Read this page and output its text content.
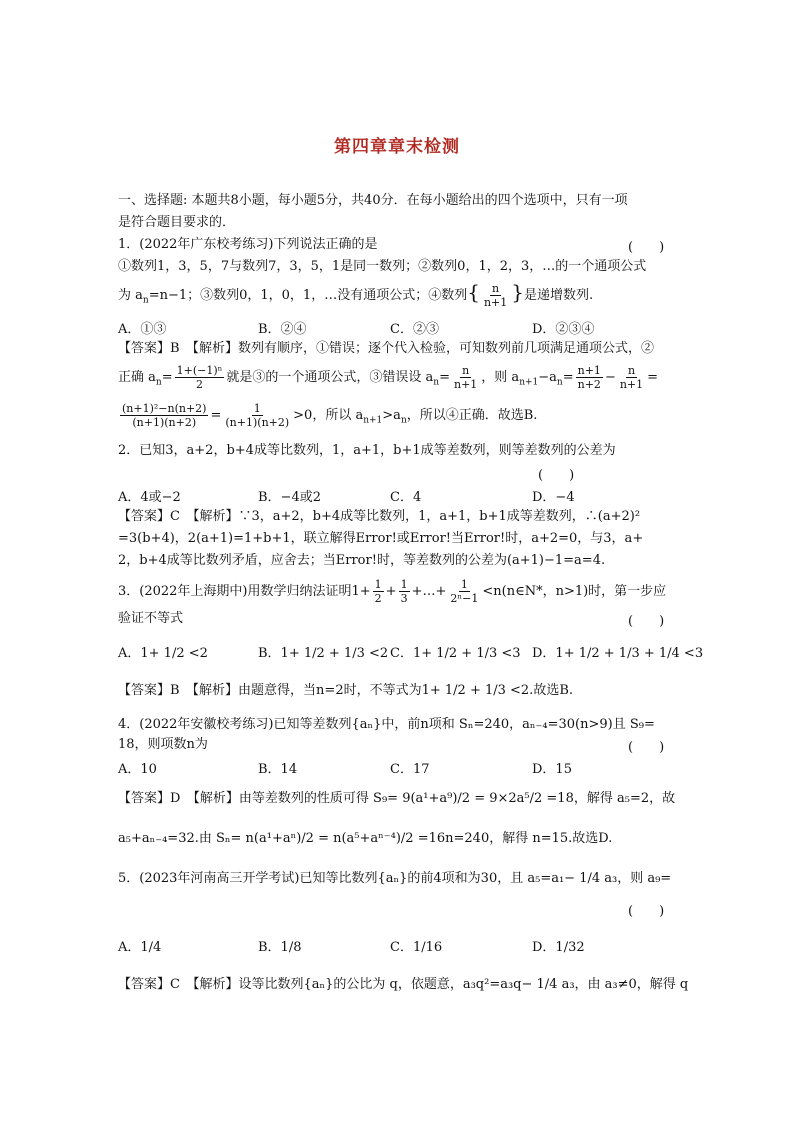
第四章章末检测
一、选择题: 本题共8小题，每小题5分，共40分．在每小题给出的四个选项中，只有一项
是符合题目要求的．
1．(2022年广东校考练习)下列说法正确的是	(　　)
①数列1，3，5，7与数列7，3，5，1是同一数列；②数列0，1，2，3，…的一个通项公式
为 $a_n=n-1$；③数列0，1，0，1，…没有通项公式；④数列{ $\frac{n}{n+1}$ }是递增数列.
A．①③	B．②④	C．②③	D．②③④
【答案】B　【解析】数列有顺序，①错误；逐个代入检验，可知数列前几项满足通项公式，②
正确 $a_n= \frac{\text{1+(−1)ⁿ}}{2}$ 就是③的一个通项公式，③错误设 $a_n= \frac{n}{n+1}$ ，则 $a_{n+1}-a_n= \frac{n+1}{n+2} - \frac{n}{n+1}$ =
$\frac{\text{(n+1)²−n(n+2)}}{(n+1)(n+2)} = \frac{1}{(n+1)(n+2)} >0$，所以 $a_{n+1}>a_n$，所以④正确．故选B.
2．已知3，a+2，b+4成等比数列，1，a+1，b+1成等差数列，则等差数列的公差为
(　　)
A．4或−2	B．−4或2	C．4	D．−4
【答案】C　【解析】∵3，a+2，b+4成等比数列，1，a+1，b+1成等差数列，∴(a+2)²
=3(b+4)，2(a+1)=1+b+1，联立解得Error!或Error!当Error!时，a+2=0，与3，a+
2，b+4成等比数列矛盾，应舍去；当Error!时，等差数列的公差为(a+1)−1=a=4.
3．(2022年上海期中)用数学归纳法证明$1+ \frac{1}{2} + \frac{1}{3}$ +…+ $\frac{1}{\text{2ⁿ−1}}$ <n(n∈N*，n>1)时，第一步应
验证不等式	(　　)
A．1+ 1/2 <2	B．1+ 1/2 + 1/3 <2 C．1+ 1/2 + 1/3 <3 D．1+ 1/2 + 1/3 + 1/4 <3
【答案】B　【解析】由题意得，当n=2时，不等式为1+ 1/2 + 1/3 <2.故选B.
4．(2022年安徽校考练习)已知等差数列{aₙ}中，前n项和 Sₙ=240，aₙ₋₄=30(n>9)且 S₉=
18，则项数n为	(　　)
A．10	B．14	C．17	D．15
【答案】D　【解析】由等差数列的性质可得 S₉= 9(a¹+a⁹)/2 = 9×2a⁵/2 =18，解得 a₅=2，故
a₅+aₙ₋₄=32.由 Sₙ= n(a¹+aⁿ)/2 = n(a⁵+aⁿ⁻⁴)/2 =16n=240，解得 n=15.故选D.
5．(2023年河南高三开学考试)已知等比数列{aₙ}的前4项和为30，且 a₅=a₁− 1/4 a₃，则 a₉=
(　　)
A．1/4	B．1/8	C．1/16	D．1/32
【答案】C　【解析】设等比数列{aₙ}的公比为 q，依题意，a₃q²=a₃q− 1/4 a₃，由 a₃≠0，解得 q
